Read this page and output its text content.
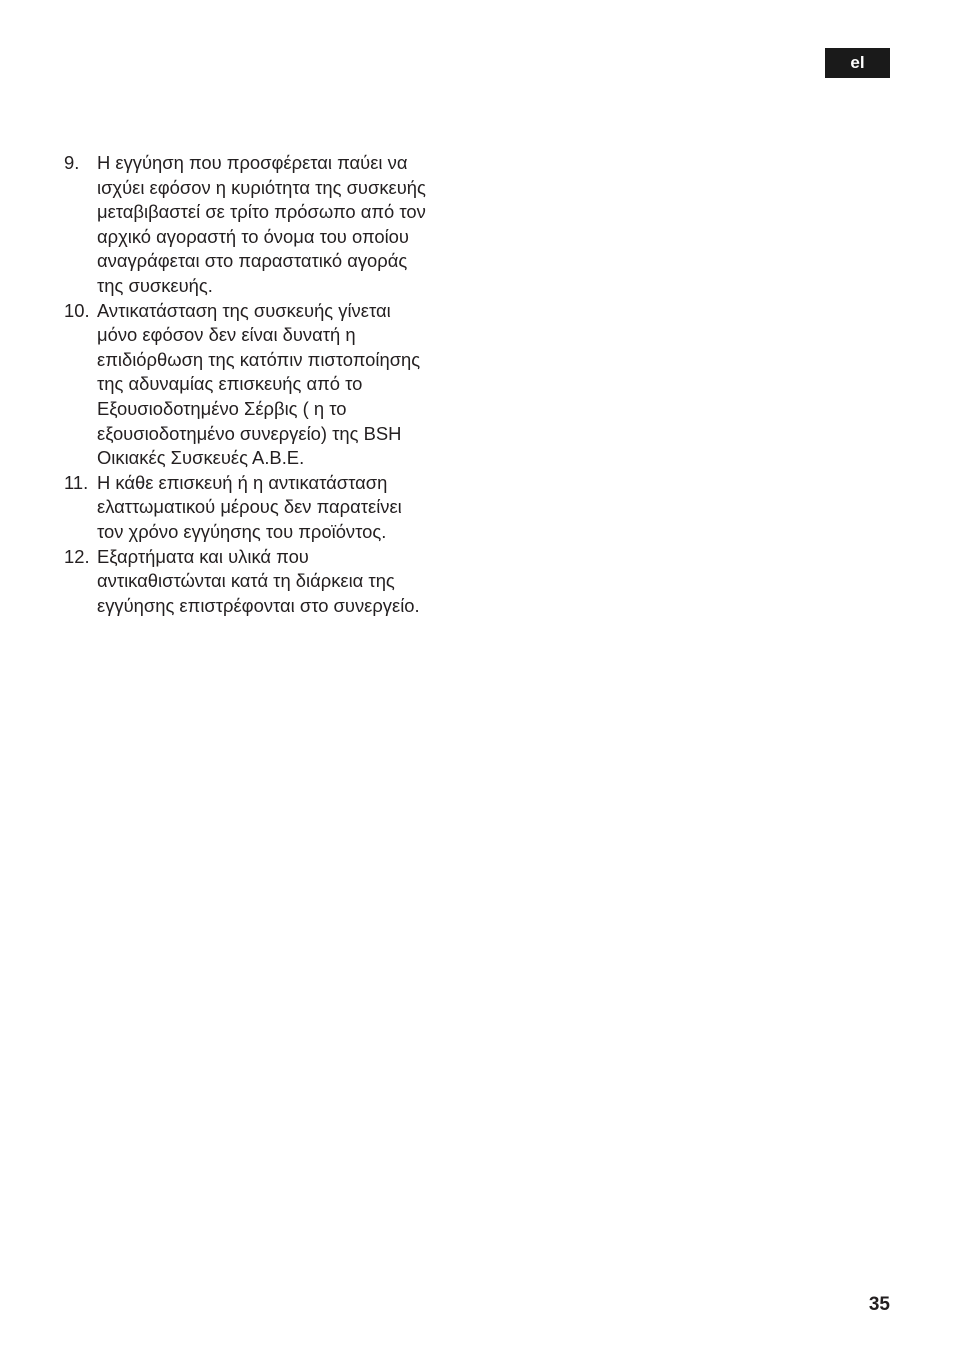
el
9. Η εγγύηση που προσφέρεται παύει να
ισχύει εφόσον η κυριότητα της συσκευής
μεταβιβαστεί σε τρίτο πρόσωπο από τον
αρχικό αγοραστή το όνομα του οποίου
αναγράφεται στο παραστατικό αγοράς
της συσκευής.
10. Αντικατάσταση της συσκευής γίνεται
μόνο εφόσον δεν είναι δυνατή η
επιδιόρθωση της κατόπιν πιστοποίησης
της αδυναμίας επισκευής από το
Εξουσιοδοτημένο Σέρβις ( η το
εξουσιοδοτημένο συνεργείο) της BSH
Οικιακές Συσκευές Α.Β.Ε.
11. Η κάθε επισκευή ή η αντικατάσταση
ελαττωματικού μέρους δεν παρατείνει
τον χρόνο εγγύησης του προϊόντος.
12. Εξαρτήματα και υλικά που
αντικαθιστώνται κατά τη διάρκεια της
εγγύησης επιστρέφονται στο συνεργείο.
35
